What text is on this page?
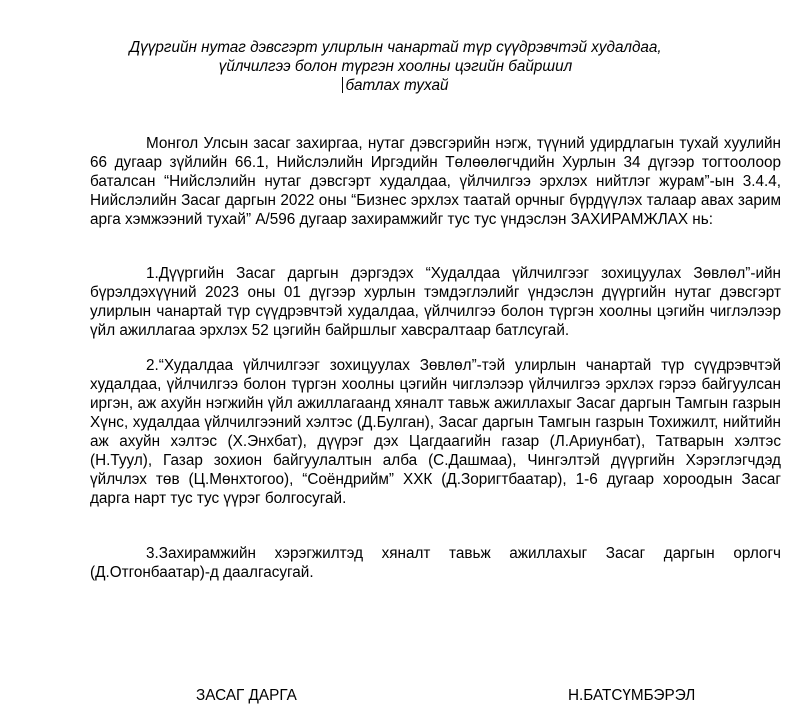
Дүүргийн нутаг дэвсгэрт улирлын чанартай түр сүүдрэвчтэй худалдаа,
үйлчилгээ болон түргэн хоолны цэгийн байршил
батлах тухай
Монгол Улсын засаг захиргаа, нутаг дэвсгэрийн нэгж, түүний удирдлагын тухай хуулийн 66 дугаар зүйлийн 66.1, Нийслэлийн Иргэдийн Төлөөлөгчдийн Хурлын 34 дүгээр тогтоолоор баталсан “Нийслэлийн нутаг дэвсгэрт худалдаа, үйлчилгээ эрхлэх нийтлэг журам”-ын 3.4.4, Нийслэлийн Засаг даргын 2022 оны “Бизнес эрхлэх таатай орчныг бүрдүүлэх талаар авах зарим арга хэмжээний тухай” А/596 дугаар захирамжийг тус тус үндэслэн ЗАХИРАМЖЛАХ нь:
1.Дүүргийн Засаг даргын дэргэдэх “Худалдаа үйлчилгээг зохицуулах Зөвлөл”-ийн бүрэлдэхүүний 2023 оны 01 дүгээр хурлын тэмдэглэлийг үндэслэн дүүргийн нутаг дэвсгэрт улирлын чанартай түр сүүдрэвчтэй худалдаа, үйлчилгээ болон түргэн хоолны цэгийн чиглэлээр үйл ажиллагаа эрхлэх 52 цэгийн байршлыг хавсралтаар батлсугай.
2.“Худалдаа үйлчилгээг зохицуулах Зөвлөл”-тэй улирлын чанартай түр сүүдрэвчтэй худалдаа, үйлчилгээ болон түргэн хоолны цэгийн чиглэлээр үйлчилгээ эрхлэх гэрээ байгуулсан иргэн, аж ахуйн нэгжийн үйл ажиллагаанд хяналт тавьж ажиллахыг Засаг даргын Тамгын газрын Хүнс, худалдаа үйлчилгээний хэлтэс (Д.Булган), Засаг даргын Тамгын газрын Тохижилт, нийтийн аж ахуйн хэлтэс (Х.Энхбат), дүүрэг дэх Цагдаагийн газар (Л.Ариунбат), Татварын хэлтэс (Н.Туул), Газар зохион байгуулалтын алба (С.Дашмаа), Чингэлтэй дүүргийн Хэрэглэгчдэд үйлчлэх төв (Ц.Мөнхтогоо), “Соёндрийм” ХХК (Д.Зоригтбаатар), 1-6 дугаар хороодын Засаг дарга нарт тус тус үүрэг болгосугай.
3.Захирамжийн хэрэгжилтэд хяналт тавьж ажиллахыг Засаг даргын орлогч (Д.Отгонбаатар)-д даалгасугай.
ЗАСАГ ДАРГА	Н.БАТСҮМБЭРЭЛ
